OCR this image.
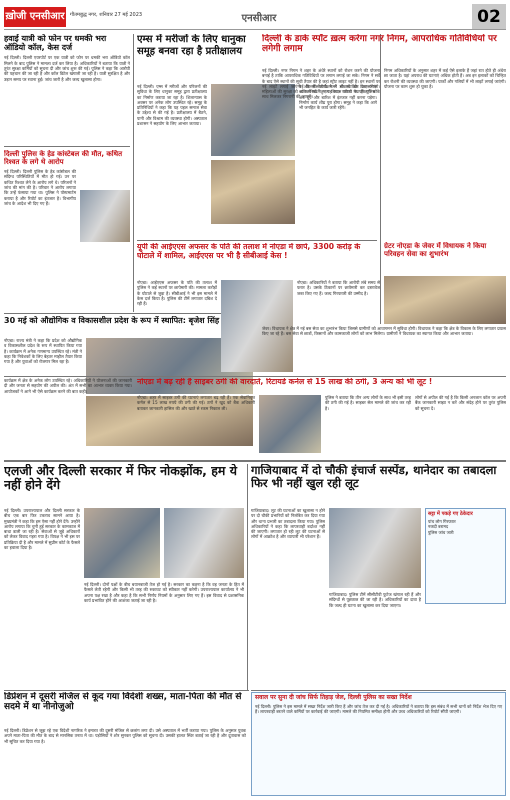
ख़ोजी एनसीआर	गौतमबुद्ध नगर, शनिवार 27 मई 2023	एनसीआर	02
हवाई यात्री को फोन पर धमकी भरा ऑडियो कॉल, केस दर्ज
नई दिल्ली। दिल्ली एयरपोर्ट पर एक यात्री को फोन पर धमकी भरा ऑडियो कॉल मिलने के बाद पुलिस ने मामला दर्ज कर लिया है। अधिकारियों ने बताया कि यात्री ने तुरंत सुरक्षा कर्मियों को सूचना दी और जांच शुरू की गई। पुलिस ने कहा कि आरोपी की पहचान की जा रही है और कॉल डिटेल खंगाली जा रही है। यात्री सुरक्षित है और उड़ान समय पर रवाना हुई। जांच जारी है और जल्द खुलासा होगा।
दिल्ली पुलिस के हेड कांस्टेबल की मौत, कथित रिश्वत के लगे थे आरोप
नई दिल्ली। दिल्ली पुलिस के हेड कांस्टेबल की संदिग्ध परिस्थितियों में मौत हो गई। उन पर कथित रिश्वत लेने के आरोप लगे थे। परिजनों ने जांच की मांग की है। परिवार ने आरोप लगाया कि उन्हें फंसाया गया था। पुलिस ने पोस्टमार्टम कराया है और रिपोर्ट का इंतजार है। विभागीय जांच के आदेश भी दिए गए हैं।
30 मई को औद्योगिक व विकासशील प्रदेश के रूप में स्थापित: बृजेश सिंह
नोएडा। राज्य मंत्री ने कहा कि प्रदेश को औद्योगिक व विकासशील प्रदेश के रूप में स्थापित किया गया है। कार्यक्रम में अनेक गणमान्य उपस्थित रहे। मंत्री ने कहा कि निवेशकों के लिए बेहतर माहौल तैयार किया गया है और युवाओं को रोजगार मिल रहा है।
एम्स में मरीजों के लिए धानुका समूह बनवा रहा है प्रतीक्षालय
नई दिल्ली। एम्स में मरीजों और परिजनों की सुविधा के लिए धानुका समूह द्वारा प्रतीक्षालय का निर्माण कराया जा रहा है। शिलान्यास के अवसर पर अनेक लोग उपस्थित रहे। समूह के प्रतिनिधियों ने कहा कि यह पहल समाज सेवा के उद्देश्य से की गई है। प्रतीक्षालय में बैठने, पानी और विश्राम की व्यवस्था होगी। अस्पताल प्रशासन ने सहयोग के लिए आभार जताया।
नई दिल्ली। कार्यक्रम में डॉक्टरों और प्रशासनिक अधिकारियों ने भाग लिया। मरीजों के परिजनों को अब धूप और बारिश में इंतजार नहीं करना पड़ेगा। निर्माण कार्य शीघ्र पूरा होगा। समूह ने कहा कि आगे भी जनहित के कार्य जारी रहेंगे।
दिल्ली के डार्क स्पॉट ख़त्म करेगा नगर निगम, आपराधिक गतिविधियों पर लगेगी लगाम
नई दिल्ली। नगर निगम ने शहर के अंधेरे स्थानों को रोशन करने की योजना बनाई है ताकि आपराधिक गतिविधियों पर लगाम लगाई जा सके। निगम ने सर्वे के बाद ऐसे स्थानों की सूची तैयार की है जहां स्ट्रीट लाइट नहीं है। इन स्थानों पर नई लाइटें लगाई जाएंगी और सीसीटीवी कैमरे भी स्थापित किए जाएंगे। महिलाओं की सुरक्षा को ध्यान में रखते हुए यह कदम उठाया गया है। पुलिस के साथ मिलकर निगरानी की जाएगी।
निगम अधिकारियों के अनुसार शहर में कई ऐसे इलाके हैं जहां रात होते ही अंधेरा छा जाता है। यहां अपराध की घटनाएं अधिक होती हैं। अब इन इलाकों को चिन्हित कर रोशनी की व्यवस्था की जाएगी। पार्कों और गलियों में भी लाइटें लगाई जाएंगी। योजना पर काम शुरू हो चुका है।
यूपी की आईएएस अफसर के पति की तलाश में नोएडा में छापे, 3300 करोड़ के घोटाले में शामिल, आईएएस पर भी है सीबीआई केस !
नोएडा। आईएएस अफसर के पति की तलाश में पुलिस ने कई स्थानों पर छापेमारी की। मामला करोड़ों के घोटाले से जुड़ा है। सीबीआई ने भी इस मामले में केस दर्ज किया है। पुलिस की टीमें लगातार दबिश दे रही हैं।
नोएडा। अधिकारियों ने बताया कि आरोपी लंबे समय से फरार है। उसके ठिकानों पर छापेमारी कर दस्तावेज जब्त किए गए हैं। जल्द गिरफ्तारी की उम्मीद है।
ग्रेटर नोएडा के जेवर में विधायक ने किया परिवहन सेवा का शुभारंभ
जेवर। विधायक ने क्षेत्र में नई बस सेवा का शुभारंभ किया जिससे ग्रामीणों को आवागमन में सुविधा होगी। विधायक ने कहा कि क्षेत्र के विकास के लिए लगातार प्रयास किए जा रहे हैं। बस सेवा से छात्रों, किसानों और कामकाजी लोगों को लाभ मिलेगा। ग्रामीणों ने विधायक का स्वागत किया और आभार जताया।
नोएडा में बढ़ रही है साइबर ठगी की वारदातें, रिटायर्ड कर्नल से 15 लाख की ठगी, 3 अन्य को भी लूट !
कार्यक्रम में क्षेत्र के अनेक लोग उपस्थित रहे। अधिकारियों ने योजनाओं की जानकारी दी और जनता से सहयोग की अपील की। अंत में सभी का आभार व्यक्त किया गया। आयोजकों ने आगे भी ऐसे कार्यक्रम करने की बात कही।
नोएडा। शहर में साइबर ठगी की घटनाएं लगातार बढ़ रही हैं। एक सेवानिवृत्त कर्नल से 15 लाख रुपये की ठगी की गई। ठगों ने खुद को बैंक अधिकारी बताकर जानकारी हासिल की और खाते से रकम निकाल ली।
पुलिस ने बताया कि तीन अन्य लोगों के साथ भी इसी तरह की ठगी की गई है। साइबर सेल मामले की जांच कर रही है।
लोगों से अपील की गई है कि किसी अनजान कॉल पर अपनी बैंक जानकारी साझा न करें और संदेह होने पर तुरंत पुलिस को सूचना दें।
एलजी और दिल्ली सरकार में फिर नोकझोंक, हम ये नहीं होने देंगे
नई दिल्ली। उपराज्यपाल और दिल्ली सरकार के बीच एक बार फिर टकराव सामने आया है। मुख्यमंत्री ने कहा कि हम ऐसा नहीं होने देंगे। उन्होंने आरोप लगाया कि चुनी हुई सरकार के कामकाज में बाधा डाली जा रही है। सेवाओं से जुड़े अधिकारों को लेकर विवाद गहरा गया है। विपक्ष ने भी इस पर प्रतिक्रिया दी है और मामले में सुप्रीम कोर्ट के फैसले का हवाला दिया है।
नई दिल्ली। दोनों पक्षों के बीच बयानबाजी तेज हो गई है। सरकार का कहना है कि वह जनता के हित में फैसले लेती रहेगी और किसी भी तरह की रुकावट को स्वीकार नहीं करेगी। उपराज्यपाल कार्यालय ने भी अपना पक्ष रखा है और कहा है कि सभी निर्णय नियमों के अनुसार लिए गए हैं। इस विवाद से प्रशासनिक कार्य प्रभावित होने की आशंका जताई जा रही है।
गाजियाबाद में दो चौकी इंचार्ज सस्पेंड, थानेदार का तबादला फिर भी नहीं खुल रही लूट
गाजियाबाद। लूट की घटनाओं का खुलासा न होने पर दो चौकी प्रभारियों को निलंबित कर दिया गया और थाना प्रभारी का तबादला किया गया। पुलिस अधिकारियों ने कहा कि लापरवाही बर्दाश्त नहीं की जाएगी। लगातार हो रही लूट की घटनाओं से लोगों में आक्रोश है और व्यापारी भी परेशान हैं।
गाजियाबाद। पुलिस टीमें सीसीटीवी फुटेज खंगाल रही हैं और संदिग्धों से पूछताछ की जा रही है। अधिकारियों का दावा है कि जल्द ही घटना का खुलासा कर दिया जाएगा।
सट्टा में पकड़े गए ठेकेदार
पांच लोग गिरफ्तार
नकदी बरामद
पुलिस जांच जारी
डिप्रेशन में दूसरी मंजिल से कूद गया विदेशी शख्स, माता-पिता की मौत से सदमे में था नीनोजुओ
नई दिल्ली। डिप्रेशन से जूझ रहे एक विदेशी नागरिक ने इमारत की दूसरी मंजिल से छलांग लगा दी। उसे अस्पताल में भर्ती कराया गया। पुलिस के अनुसार युवक अपने माता-पिता की मौत के बाद से मानसिक तनाव में था। पड़ोसियों ने शोर सुनकर पुलिस को सूचना दी। उसकी हालत स्थिर बताई जा रही है और दूतावास को भी सूचित कर दिया गया है।
सवाल पर सुना दी जांच सिर्फ तिहाड़ जेल, दिल्ली पुलिस का सख्त निर्देश
नई दिल्ली। पुलिस ने इस मामले में सख्त निर्देश जारी किए हैं और जांच तेज कर दी गई है। अधिकारियों ने बताया कि इस संबंध में सभी थानों को निर्देश भेज दिए गए हैं। लापरवाही बरतने वाले कर्मियों पर कार्रवाई की जाएगी। मामले की नियमित समीक्षा होगी और उच्च अधिकारियों को रिपोर्ट सौंपी जाएगी।
